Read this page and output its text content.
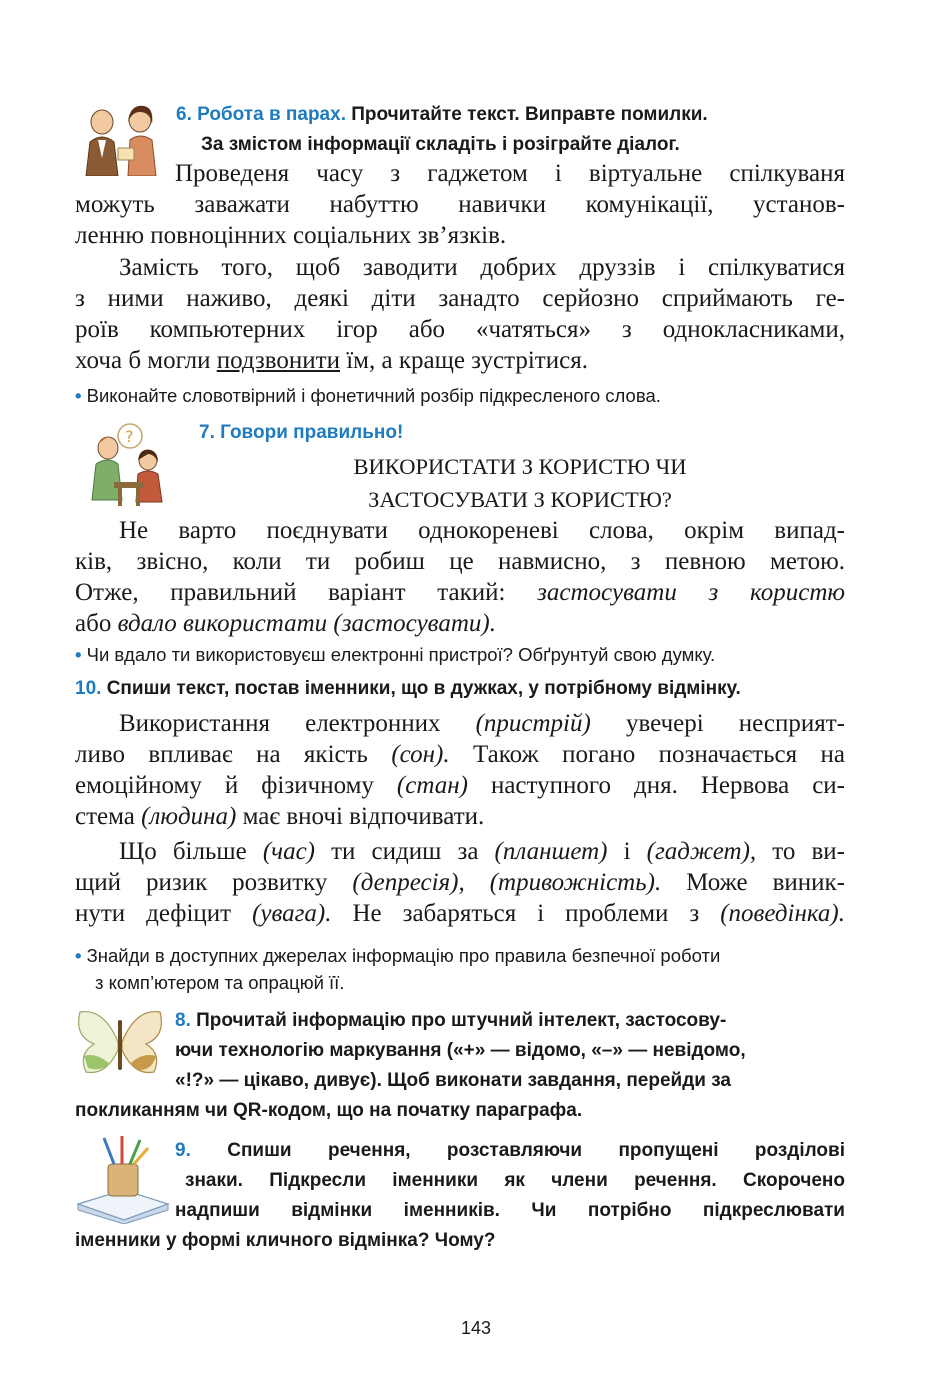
6. Робота в парах. Прочитайте текст. Виправте помилки.
За змістом інформації складіть і розіграйте діалог.
Проведеня часу з гаджетом і віртуальне спілкуваня
можуть заважати набуттю навички комунікації, установ-
ленню повноцінних соціальних зв’язків.
Замість того, щоб заводити добрих друззів і спілкуватися
з ними наживо, деякі діти занадто серйозно сприймають ге-
роїв компьютерних ігор або «чатяться» з однокласниками,
хоча б могли подзвонити їм, а краще зустрітися.
• Виконайте словотвірний і фонетичний розбір підкресленого слова.
?	7. Говори правильно!
ВИКОРИСТАТИ З КОРИСТЮ ЧИ
ЗАСТОСУВАТИ З КОРИСТЮ?
Не варто поєднувати однокореневі слова, окрім випад-
ків, звісно, коли ти робиш це навмисно, з певною метою.
Отже, правильний варіант такий: застосувати з користю
або вдало використати (застосувати).
• Чи вдало ти використовуєш електронні пристрої? Обґрунтуй свою думку.
10. Спиши текст, постав іменники, що в дужках, у потрібному відмінку.
Використання електронних (пристрій) увечері несприят-
ливо впливає на якість (сон). Також погано позначається на
емоційному й фізичному (стан) наступного дня. Нервова си-
стема (людина) має вночі відпочивати.
Що більше (час) ти сидиш за (планшет) і (гаджет), то ви-
щий ризик розвитку (депресія), (тривожність). Може виник-
нути дефіцит (увага). Не забаряться і проблеми з (поведінка).
• Знайди в доступних джерелах інформацію про правила безпечної роботи
з комп’ютером та опрацюй її.
8. Прочитай інформацію про штучний інтелект, застосову-
ючи технологію маркування («+» — відомо, «–» — невідомо,
«!?» — цікаво, дивує). Щоб виконати завдання, перейди за
покликанням чи QR-кодом, що на початку параграфа.
9. Спиши речення, розставляючи пропущені розділові
знаки. Підкресли іменники як члени речення. Скорочено
надпиши відмінки іменників. Чи потрібно підкреслювати
іменники у формі кличного відмінка? Чому?
143
